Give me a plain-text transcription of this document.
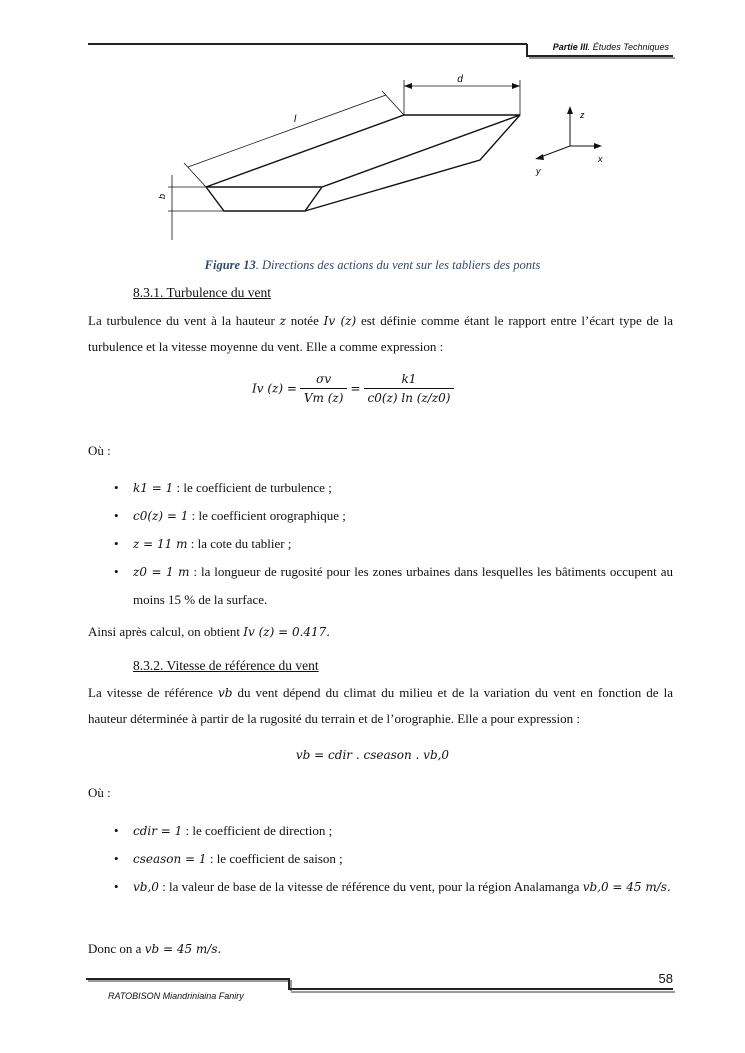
Partie III. Études Techniques
d
l
b
z
x
y
Figure 13. Directions des actions du vent sur les tabliers des ponts
8.3.1. Turbulence du vent
La turbulence du vent à la hauteur z notée Iv (z) est définie comme étant le rapport entre l’écart type de la turbulence et la vitesse moyenne du vent. Elle a comme expression :
Iv $(z) = \frac{\sigma v}{Vm (z)} = \frac{k1}{c0(z) \ln (z/z0)}$
Où :
• k1 = 1 : le coefficient de turbulence ;
• c0(z) = 1 : le coefficient orographique ;
• z = 11 m : la cote du tablier ;
• z0 = 1 m : la longueur de rugosité pour les zones urbaines dans lesquelles les bâtiments occupent au moins 15 % de la surface.
Ainsi après calcul, on obtient Iv (z) = 0.417.
8.3.2. Vitesse de référence du vent
La vitesse de référence vb du vent dépend du climat du milieu et de la variation du vent en fonction de la hauteur déterminée à partir de la rugosité du terrain et de l’orographie. Elle a pour expression :
vb = cdir . cseason . vb,0
Où :
• cdir = 1 : le coefficient de direction ;
• cseason = 1 : le coefficient de saison ;
• vb,0 : la valeur de base de la vitesse de référence du vent, pour la région Analamanga vb,0 = 45 m/s.
Donc on a vb = 45 m/s.
58
RATOBISON Miandriniaina Faniry
